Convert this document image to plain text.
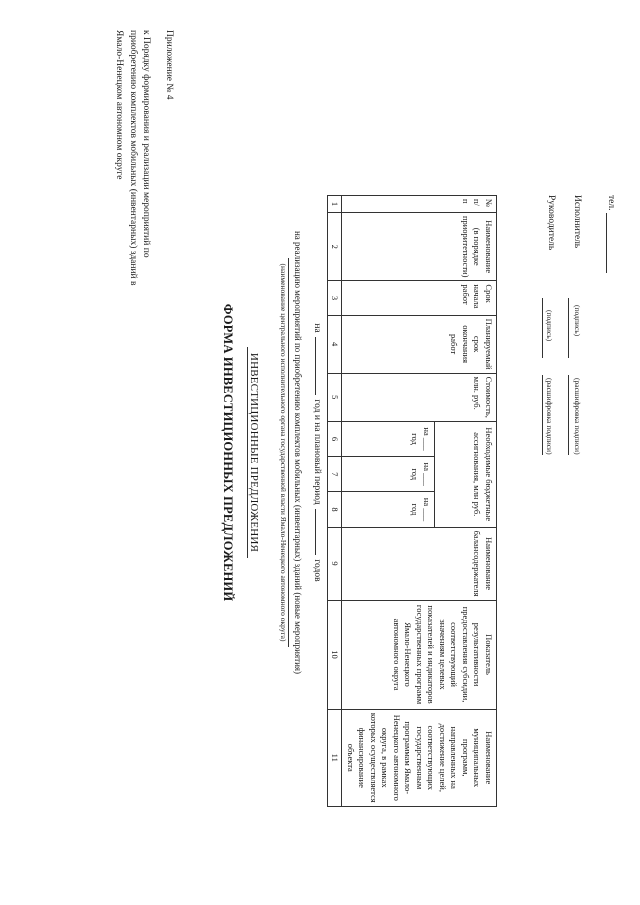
Приложение № 4
к Порядку формирования и реализации мероприятий по приобретению комплектов мобильных (инвентарных) зданий в Ямало-Ненецком автономном округе
ФОРМА ИНВЕСТИЦИОННЫХ ПРЕДЛОЖЕНИЙ ИНВЕСТИЦИОННЫЕ ПРЕДЛОЖЕНИЯ	(наименование центрального исполнительного органа государственной власти Ямало-Ненецкого автономного округа) на реализацию мероприятий по приобретению комплектов мобильных (инвентарных) зданий (новые мероприятия) на  год и на плановый период  годов
№ п/п	Наименование (в порядке приоритетности)	Срок начала работ	Планируемый срок окончания работ	Стоимость, млн. руб.	Необходимые бюджетные ассигнования, млн руб.			Наименование балансодержателя	Показатель результативности предоставления субсидии, соответствующий значениям целевых показателей и индикаторов государственных программ Ямало-Ненецкого автономного округа	Наименование муниципальных программ, направленных на достижение целей, соответствующих государственным программам Ямало-Ненецкого автономного округа, в рамках которых осуществляется финансирование объекта
					на ___ год	на ___ год	на ___ год			
1	2	3	4	5	6	7	8	9	10	11
Руководитель
(подпись)
(расшифровка подписи)
Исполнитель
(подпись)
(расшифровка подписи)
тел.
